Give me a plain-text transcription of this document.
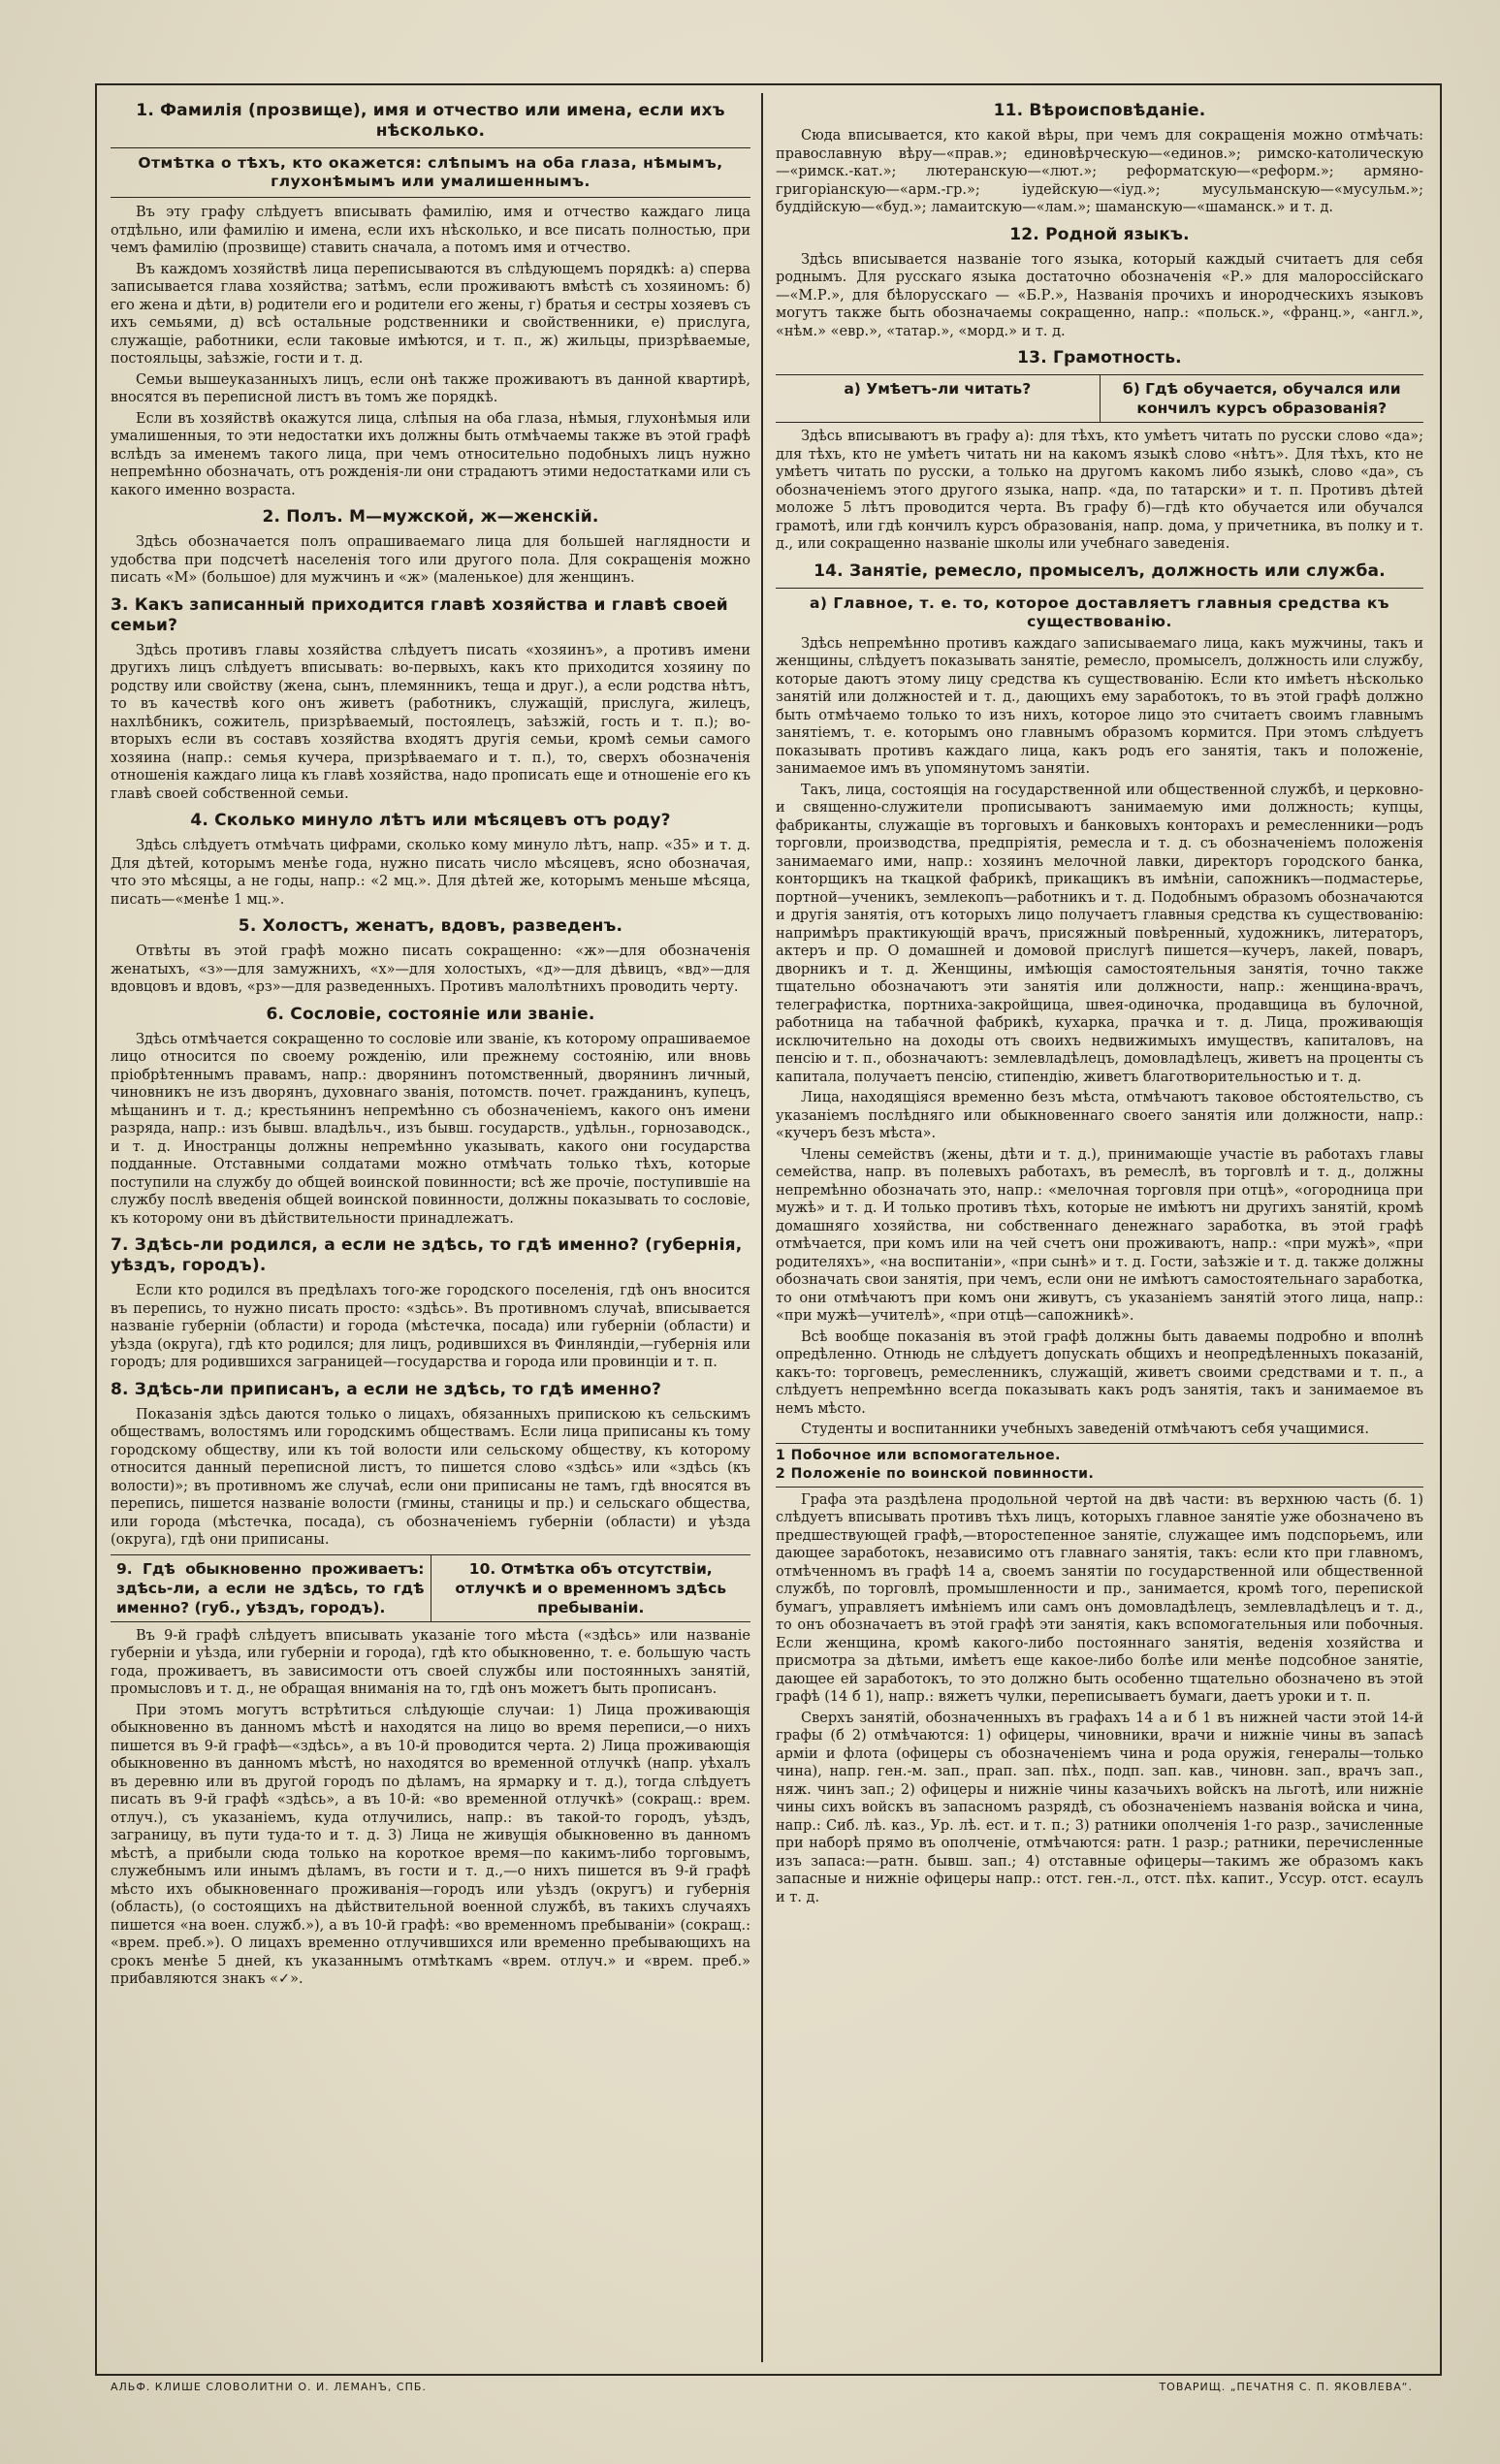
1. Фамилія (прозвище), имя и отчество или имена, если ихъ нѣсколько.
Отмѣтка о тѣхъ, кто окажется: слѣпымъ на оба глаза, нѣмымъ, глухонѣмымъ или умалишеннымъ.

Въ эту графу слѣдуетъ вписывать фамилію, имя и отчество каждаго лица отдѣльно, или фамилію и имена, если ихъ нѣсколько, и все писать полностью, при чемъ фамилію (прозвище) ставить сначала, а потомъ имя и отчество.

Въ каждомъ хозяйствѣ лица переписываются въ слѣдующемъ порядкѣ: а) сперва записывается глава хозяйства; затѣмъ, если проживаютъ вмѣстѣ съ хозяиномъ: б) его жена и дѣти, в) родители его и родители его жены, г) братья и сестры хозяевъ съ ихъ семьями, д) всѣ остальные родственники и свойственники, е) прислуга, служащіе, работники, если таковые имѣются, и т. п., ж) жильцы, призрѣваемые, постояльцы, заѣзжіе, гости и т. д.

Семьи вышеуказанныхъ лицъ, если онѣ также проживаютъ въ данной квартирѣ, вносятся въ переписной листъ въ томъ же порядкѣ.

Если въ хозяйствѣ окажутся лица, слѣпыя на оба глаза, нѣмыя, глухонѣмыя или умалишенныя, то эти недостатки ихъ должны быть отмѣчаемы также въ этой графѣ вслѣдъ за именемъ такого лица, при чемъ относительно подобныхъ лицъ нужно непремѣнно обозначать, отъ рожденія-ли они страдаютъ этими недостатками или съ какого именно возраста.

2. Полъ. М—мужской, ж—женскій.

Здѣсь обозначается полъ опрашиваемаго лица для большей наглядности и удобства при подсчетѣ населенія того или другого пола. Для сокращенія можно писать «М» (большое) для мужчинъ и «ж» (маленькое) для женщинъ.

3. Какъ записанный приходится главѣ хозяйства и главѣ своей семьи?

Здѣсь противъ главы хозяйства слѣдуетъ писать «хозяинъ», а противъ имени другихъ лицъ слѣдуетъ вписывать: во-первыхъ, какъ кто приходится хозяину по родству или свойству (жена, сынъ, племянникъ, теща и друг.), а если родства нѣтъ, то въ качествѣ кого онъ живетъ (работникъ, служащій, прислуга, жилецъ, нахлѣбникъ, сожитель, призрѣваемый, постоялецъ, заѣзжій, гость и т. п.); во-вторыхъ если въ составъ хозяйства входятъ другія семьи, кромѣ семьи самого хозяина (напр.: семья кучера, призрѣваемаго и т. п.), то, сверхъ обозначенія отношенія каждаго лица къ главѣ хозяйства, надо прописать еще и отношеніе его къ главѣ своей собственной семьи.

4. Сколько минуло лѣтъ или мѣсяцевъ отъ роду?

Здѣсь слѣдуетъ отмѣчать цифрами, сколько кому минуло лѣтъ, напр. «35» и т. д. Для дѣтей, которымъ менѣе года, нужно писать число мѣсяцевъ, ясно обозначая, что это мѣсяцы, а не годы, напр.: «2 мц.». Для дѣтей же, которымъ меньше мѣсяца, писать—«менѣе 1 мц.».

5. Холостъ, женатъ, вдовъ, разведенъ.

Отвѣты въ этой графѣ можно писать сокращенно: «ж»—для обозначенія женатыхъ, «з»—для замужнихъ, «х»—для холостыхъ, «д»—для дѣвицъ, «вд»—для вдовцовъ и вдовъ, «рз»—для разведенныхъ. Противъ малолѣтнихъ проводить черту.

6. Сословіе, состояніе или званіе.

Здѣсь отмѣчается сокращенно то сословіе или званіе, къ которому опрашиваемое лицо относится по своему рожденію, или прежнему состоянію, или вновь пріобрѣтеннымъ правамъ, напр.: дворянинъ потомственный, дворянинъ личный, чиновникъ не изъ дворянъ, духовнаго званія, потомств. почет. гражданинъ, купецъ, мѣщанинъ и т. д.; крестьянинъ непремѣнно съ обозначеніемъ, какого онъ имени разряда, напр.: изъ бывш. владѣльч., изъ бывш. государств., удѣльн., горнозаводск., и т. д. Иностранцы должны непремѣнно указывать, какого они государства подданные. Отставными солдатами можно отмѣчать только тѣхъ, которые поступили на службу до общей воинской повинности; всѣ же прочіе, поступившіе на службу послѣ введенія общей воинской повинности, должны показывать то сословіе, къ которому они въ дѣйствительности принадлежатъ.

7. Здѣсь-ли родился, а если не здѣсь, то гдѣ именно? (губернія, уѣздъ, городъ).

Если кто родился въ предѣлахъ того-же городского поселенія, гдѣ онъ вносится въ перепись, то нужно писать просто: «здѣсь». Въ противномъ случаѣ, вписывается названіе губерніи (области) и города (мѣстечка, посада) или губерніи (области) и уѣзда (округа), гдѣ кто родился; для лицъ, родившихся въ Финляндіи,—губернія или городъ; для родившихся заграницей—государства и города или провинціи и т. п.

8. Здѣсь-ли приписанъ, а если не здѣсь, то гдѣ именно?

Показанія здѣсь даются только о лицахъ, обязанныхъ припискою къ сельскимъ обществамъ, волостямъ или городскимъ обществамъ. Если лица приписаны къ тому городскому обществу, или къ той волости или сельскому обществу, къ которому относится данный переписной листъ, то пишется слово «здѣсь» или «здѣсь (къ волости)»; въ противномъ же случаѣ, если они приписаны не тамъ, гдѣ вносятся въ перепись, пишется названіе волости (гмины, станицы и пр.) и сельскаго общества, или города (мѣстечка, посада), съ обозначеніемъ губерніи (области) и уѣзда (округа), гдѣ они приписаны.

9. Гдѣ обыкновенно проживаетъ: здѣсь-ли, а если не здѣсь, то гдѣ именно? (губ., уѣздъ, городъ).
10. Отмѣтка объ отсутствіи, отлучкѣ и о временномъ здѣсь пребываніи.

Въ 9-й графѣ слѣдуетъ вписывать указаніе того мѣста («здѣсь» или названіе губерніи и уѣзда, или губерніи и города), гдѣ кто обыкновенно, т. е. большую часть года, проживаетъ, въ зависимости отъ своей службы или постоянныхъ занятій, промысловъ и т. д., не обращая вниманія на то, гдѣ онъ можетъ быть прописанъ.

При этомъ могутъ встрѣтиться слѣдующіе случаи: 1) Лица проживающія обыкновенно въ данномъ мѣстѣ и находятся на лицо во время переписи,—о нихъ пишется въ 9-й графѣ—«здѣсь», а въ 10-й проводится черта. 2) Лица проживающія обыкновенно въ данномъ мѣстѣ, но находятся во временной отлучкѣ (напр. уѣхалъ въ деревню или въ другой городъ по дѣламъ, на ярмарку и т. д.), тогда слѣдуетъ писать въ 9-й графѣ «здѣсь», а въ 10-й: «во временной отлучкѣ» (сокращ.: врем. отлуч.), съ указаніемъ, куда отлучились, напр.: въ такой-то городъ, уѣздъ, заграницу, въ пути туда-то и т. д. 3) Лица не живущія обыкновенно въ данномъ мѣстѣ, а прибыли сюда только на короткое время—по какимъ-либо торговымъ, служебнымъ или инымъ дѣламъ, въ гости и т. д.,—о нихъ пишется въ 9-й графѣ мѣсто ихъ обыкновеннаго проживанія—городъ или уѣздъ (округъ) и губернія (область), (о состоящихъ на дѣйствительной военной службѣ, въ такихъ случаяхъ пишется «на воен. служб.»), а въ 10-й графѣ: «во временномъ пребываніи» (сокращ.: «врем. преб.»). О лицахъ временно отлучившихся или временно пребывающихъ на срокъ менѣе 5 дней, къ указаннымъ отмѣткамъ «врем. отлуч.» и «врем. преб.» прибавляются знакъ «✓».

11. Вѣроисповѣданіе.

Сюда вписывается, кто какой вѣры, при чемъ для сокращенія можно отмѣчать: православную вѣру—«прав.»; единовѣрческую—«единов.»; римско-католическую—«римск.-кат.»; лютеранскую—«лют.»; реформатскую—«реформ.»; армяно-григоріанскую—«арм.-гр.»; іудейскую—«іуд.»; мусульманскую—«мусульм.»; буддійскую—«буд.»; ламаитскую—«лам.»; шаманскую—«шаманск.» и т. д.

12. Родной языкъ.

Здѣсь вписывается названіе того языка, который каждый считаетъ для себя роднымъ. Для русскаго языка достаточно обозначенія «Р.» для малороссійскаго—«М.Р.», для бѣлорусскаго — «Б.Р.», Названія прочихъ и инородческихъ языковъ могутъ также быть обозначаемы сокращенно, напр.: «польск.», «франц.», «англ.», «нѣм.» «евр.», «татар.», «морд.» и т. д.

13. Грамотность.
а) Умѣетъ-ли читать?	б) Гдѣ обучается, обучался или кончилъ курсъ образованія?

Здѣсь вписываютъ въ графу а): для тѣхъ, кто умѣетъ читать по русски слово «да»; для тѣхъ, кто не умѣетъ читать ни на какомъ языкѣ слово «нѣтъ». Для тѣхъ, кто не умѣетъ читать по русски, а только на другомъ какомъ либо языкѣ, слово «да», съ обозначеніемъ этого другого языка, напр. «да, по татарски» и т. п. Противъ дѣтей моложе 5 лѣтъ проводится черта. Въ графу б)—гдѣ кто обучается или обучался грамотѣ, или гдѣ кончилъ курсъ образованія, напр. дома, у причетника, въ полку и т. д., или сокращенно названіе школы или учебнаго заведенія.

14. Занятіе, ремесло, промыселъ, должность или служба.
а) Главное, т. е. то, которое доставляетъ главныя средства къ существованію.

Здѣсь непремѣнно противъ каждаго записываемаго лица, какъ мужчины, такъ и женщины, слѣдуетъ показывать занятіе, ремесло, промыселъ, должность или службу, которые даютъ этому лицу средства къ существованію. Если кто имѣетъ нѣсколько занятій или должностей и т. д., дающихъ ему заработокъ, то въ этой графѣ должно быть отмѣчаемо только то изъ нихъ, которое лицо это считаетъ своимъ главнымъ занятіемъ, т. е. которымъ оно главнымъ образомъ кормится. При этомъ слѣдуетъ показывать противъ каждаго лица, какъ родъ его занятія, такъ и положеніе, занимаемое имъ въ упомянутомъ занятіи.

Такъ, лица, состоящія на государственной или общественной службѣ, и церковно-и священно-служители прописываютъ занимаемую ими должность; купцы, фабриканты, служащіе въ торговыхъ и банковыхъ конторахъ и ремесленники—родъ торговли, производства, предпріятія, ремесла и т. д. съ обозначеніемъ положенія занимаемаго ими, напр.: хозяинъ мелочной лавки, директоръ городского банка, конторщикъ на ткацкой фабрикѣ, прикащикъ въ имѣніи, сапожникъ—подмастерье, портной—ученикъ, землекопъ—работникъ и т. д. Подобнымъ образомъ обозначаются и другія занятія, отъ которыхъ лицо получаетъ главныя средства къ существованію: напримѣръ практикующій врачъ, присяжный повѣренный, художникъ, литераторъ, актеръ и пр. О домашней и домовой прислугѣ пишется—кучеръ, лакей, поваръ, дворникъ и т. д. Женщины, имѣющія самостоятельныя занятія, точно также тщательно обозначаютъ эти занятія или должности, напр.: женщина-врачъ, телеграфистка, портниха-закройщица, швея-одиночка, продавщица въ булочной, работница на табачной фабрикѣ, кухарка, прачка и т. д. Лица, проживающія исключительно на доходы отъ своихъ недвижимыхъ имуществъ, капиталовъ, на пенсію и т. п., обозначаютъ: землевладѣлецъ, домовладѣлецъ, живетъ на проценты съ капитала, получаетъ пенсію, стипендію, живетъ благотворительностью и т. д.

Лица, находящіяся временно безъ мѣста, отмѣчаютъ таковое обстоятельство, съ указаніемъ послѣдняго или обыкновеннаго своего занятія или должности, напр.: «кучеръ безъ мѣста».

Члены семействъ (жены, дѣти и т. д.), принимающіе участіе въ работахъ главы семейства, напр. въ полевыхъ работахъ, въ ремеслѣ, въ торговлѣ и т. д., должны непремѣнно обозначать это, напр.: «мелочная торговля при отцѣ», «огородница при мужѣ» и т. д. И только противъ тѣхъ, которые не имѣютъ ни другихъ занятій, кромѣ домашняго хозяйства, ни собственнаго денежнаго заработка, въ этой графѣ отмѣчается, при комъ или на чей счетъ они проживаютъ, напр.: «при мужѣ», «при родителяхъ», «на воспитаніи», «при сынѣ» и т. д. Гости, заѣзжіе и т. д. также должны обозначать свои занятія, при чемъ, если они не имѣютъ самостоятельнаго заработка, то они отмѣчаютъ при комъ они живутъ, съ указаніемъ занятій этого лица, напр.: «при мужѣ—учителѣ», «при отцѣ—сапожникѣ».

Всѣ вообще показанія въ этой графѣ должны быть даваемы подробно и вполнѣ опредѣленно. Отнюдь не слѣдуетъ допускать общихъ и неопредѣленныхъ показаній, какъ-то: торговецъ, ремесленникъ, служащій, живетъ своими средствами и т. п., а слѣдуетъ непремѣнно всегда показывать какъ родъ занятія, такъ и занимаемое въ немъ мѣсто.

Студенты и воспитанники учебныхъ заведеній отмѣчаютъ себя учащимися.

1 Побочное или вспомогательное.
2 Положеніе по воинской повинности.

Графа эта раздѣлена продольной чертой на двѣ части: въ верхнюю часть (б. 1) слѣдуетъ вписывать противъ тѣхъ лицъ, которыхъ главное занятіе уже обозначено въ предшествующей графѣ,—второстепенное занятіе, служащее имъ подспорьемъ, или дающее заработокъ, независимо отъ главнаго занятія, такъ: если кто при главномъ, отмѣченномъ въ графѣ 14 а, своемъ занятіи по государственной или общественной службѣ, по торговлѣ, промышленности и пр., занимается, кромѣ того, перепиской бумагъ, управляетъ имѣніемъ или самъ онъ домовладѣлецъ, землевладѣлецъ и т. д., то онъ обозначаетъ въ этой графѣ эти занятія, какъ вспомогательныя или побочныя. Если женщина, кромѣ какого-либо постояннаго занятія, веденія хозяйства и присмотра за дѣтьми, имѣетъ еще какое-либо болѣе или менѣе подсобное занятіе, дающее ей заработокъ, то это должно быть особенно тщательно обозначено въ этой графѣ (14 б 1), напр.: вяжетъ чулки, переписываетъ бумаги, даетъ уроки и т. п.

Сверхъ занятій, обозначенныхъ въ графахъ 14 а и б 1 въ нижней части этой 14-й графы (б 2) отмѣчаются: 1) офицеры, чиновники, врачи и нижніе чины въ запасѣ арміи и флота (офицеры съ обозначеніемъ чина и рода оружія, генералы—только чина), напр. ген.-м. зап., прап. зап. пѣх., подп. зап. кав., чиновн. зап., врачъ зап., няж. чинъ зап.; 2) офицеры и нижніе чины казачьихъ войскъ на льготѣ, или нижніе чины сихъ войскъ въ запасномъ разрядѣ, съ обозначеніемъ названія войска и чина, напр.: Сиб. лѣ. каз., Ур. лѣ. ест. и т. п.; 3) ратники ополченія 1-го разр., зачисленные при наборѣ прямо въ ополченіе, отмѣчаются: ратн. 1 разр.; ратники, перечисленные изъ запаса:—ратн. бывш. зап.; 4) отставные офицеры—такимъ же образомъ какъ запасные и нижніе офицеры напр.: отст. ген.-л., отст. пѣх. капит., Уссур. отст. есаулъ и т. д.

АЛЬФ. КЛИШЕ СЛОВОЛИТНИ О. И. ЛЕМАНЪ, СПБ.	ТОВАРИЩ. „ПЕЧАТНЯ С. П. ЯКОВЛЕВА“.
